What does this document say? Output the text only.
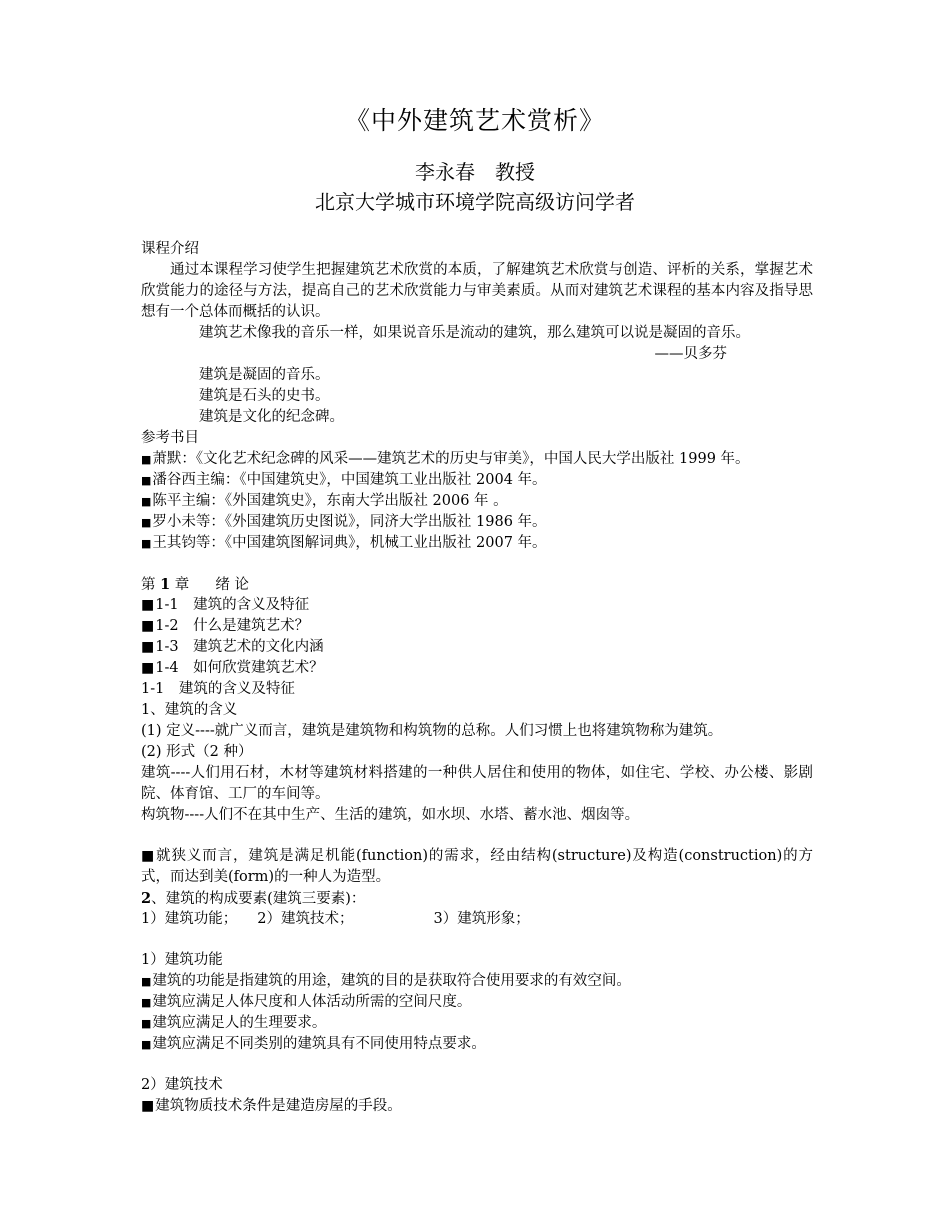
《中外建筑艺术赏析》
李永春　教授
北京大学城市环境学院高级访问学者
课程介绍
通过本课程学习使学生把握建筑艺术欣赏的本质，了解建筑艺术欣赏与创造、评析的关系，掌握艺术欣赏能力的途径与方法，提高自己的艺术欣赏能力与审美素质。从而对建筑艺术课程的基本内容及指导思想有一个总体而概括的认识。
建筑艺术像我的音乐一样，如果说音乐是流动的建筑，那么建筑可以说是凝固的音乐。
——贝多芬
建筑是凝固的音乐。
建筑是石头的史书。
建筑是文化的纪念碑。
参考书目
■萧默：《文化艺术纪念碑的风采——建筑艺术的历史与审美》，中国人民大学出版社 1999 年。
■潘谷西主编：《中国建筑史》，中国建筑工业出版社 2004 年。
■陈平主编：《外国建筑史》，东南大学出版社 2006 年 。
■罗小未等：《外国建筑历史图说》，同济大学出版社 1986 年。
■王其钧等：《中国建筑图解词典》，机械工业出版社 2007 年。
第 1 章 绪 论
■1-1　建筑的含义及特征
■1-2　什么是建筑艺术？
■1-3　建筑艺术的文化内涵
■1-4　如何欣赏建筑艺术？
1-1　建筑的含义及特征
1、建筑的含义
(1) 定义----就广义而言，建筑是建筑物和构筑物的总称。人们习惯上也将建筑物称为建筑。
(2) 形式（2 种）
建筑----人们用石材，木材等建筑材料搭建的一种供人居住和使用的物体，如住宅、学校、办公楼、影剧院、体育馆、工厂的车间等。
构筑物----人们不在其中生产、生活的建筑，如水坝、水塔、蓄水池、烟囱等。
■就狭义而言，建筑是满足机能(function)的需求，经由结构(structure)及构造(construction)的方式，而达到美(form)的一种人为造型。
2、建筑的构成要素(建筑三要素)：
1）建筑功能； 2）建筑技术；	3）建筑形象；
1）建筑功能
■建筑的功能是指建筑的用途，建筑的目的是获取符合使用要求的有效空间。
■建筑应满足人体尺度和人体活动所需的空间尺度。
■建筑应满足人的生理要求。
■建筑应满足不同类别的建筑具有不同使用特点要求。
2）建筑技术
■建筑物质技术条件是建造房屋的手段。
